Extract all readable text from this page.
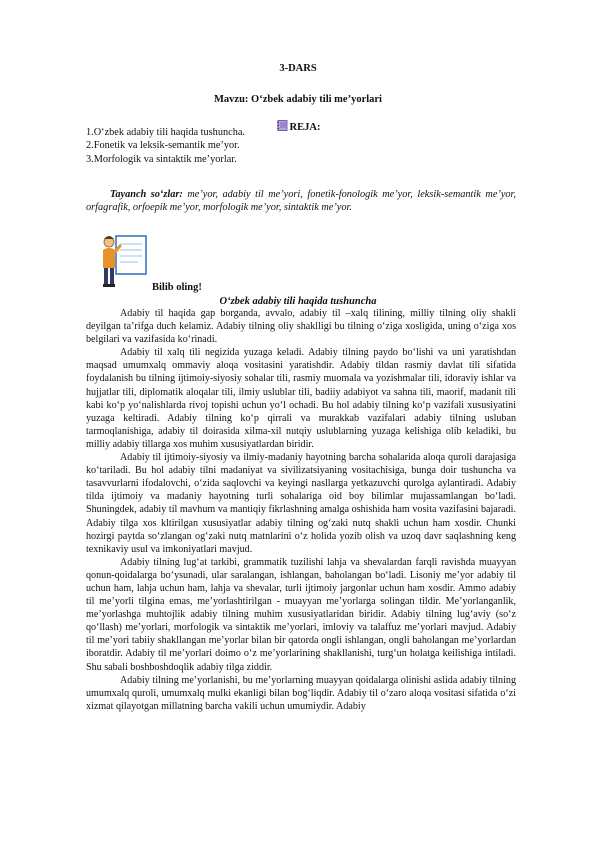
3-DARS
Mavzu: O‘zbek adabiy tili me’yorlari
REJA:
1.O‘zbek adabiy tili haqida tushuncha.
2.Fonetik va leksik-semantik me’yor.
3.Morfologik va sintaktik me’yorlar.
Tayanch so‘zlar: me’yor, adabiy til me’yori, fonetik-fonologik me’yor, leksik-semantik me’yor, orfagrafik, orfoepik me’yor, morfologik me’yor, sintaktik me’yor.
Bilib oling!
O‘zbek adabiy tili haqida tushuncha

Adabiy til haqida gap borganda, avvalo, adabiy til –xalq tilining, milliy tilning oliy shakli deyilgan ta’rifga duch kelamiz. Adabiy tilning oliy shaklligi bu tilning o‘ziga xosligida, uning o‘ziga xos belgilari va vazifasida ko‘rinadi.

Adabiy til xalq tili negizida yuzaga keladi. Adabiy tilning paydo bo‘lishi va uni yaratishdan maqsad umumxalq ommaviy aloqa vositasini yaratishdir. Adabiy tildan rasmiy davlat tili sifatida foydalanish bu tilning ijtimoiy-siyosiy sohalar tili, rasmiy muomala va yozishmalar tili, idoraviy ishlar va hujjatlar tili, diplomatik aloqalar tili, ilmiy uslublar tili, badiiy adabiyot va sahna tili, maorif, madanit tili kabi ko‘p yo‘nalishlarda rivoj topishi uchun yo‘l ochadi. Bu hol adabiy tilning ko‘p vazifali xususiyatini yuzaga keltiradi. Adabiy tilning ko‘p qirrali va murakkab vazifalari adabiy tilning usluban tarmoqlanishiga, adabiy til doirasida xilma-xil nutqiy uslublarning yuzaga kelishiga olib keladiki, bu milliy adabiy tillarga xos muhim xususiyatlardan biridir.

Adabiy til ijtimoiy-siyosiy va ilmiy-madaniy hayotning barcha sohalarida aloqa quroli darajasiga ko‘tariladi. Bu hol adabiy tilni madaniyat va sivilizatsiyaning vositachisiga, bunga doir tushuncha va tasavvurlarni ifodalovchi, o‘zida saqlovchi va keyingi nasllarga yetkazuvchi qurolga aylantiradi. Adabiy tilda ijtimoiy va madaniy hayotning turli sohalariga oid boy bilimlar mujassamlangan bo‘ladi. Shuningdek, adabiy til mavhum va mantiqiy fikrlashning amalga oshishida ham vosita vazifasini bajaradi. Adabiy tilga xos kltirilgan xususiyatlar adabiy tilning og‘zaki nutq shakli uchun ham xosdir. Chunki hozirgi paytda so‘zlangan og‘zaki nutq matnlarini o‘z holida yozib olish va uzoq davr saqlashning keng texnikaviy usul va imkoniyatlari mavjud.

Adabiy tilning lug‘at tarkibi, grammatik tuzilishi lahja va shevalardan farqli ravishda muayyan qonun-qoidalarga bo‘ysunadi, ular saralangan, ishlangan, baholangan bo‘ladi. Lisoniy me’yor adabiy til uchun ham, lahja uchun ham, lahja va shevalar, turli ijtimoiy jargonlar uchun ham xosdir. Ammo adabiy til me’yorli tilgina emas, me’yorlashtirilgan - muayyan me’yorlarga solingan tildir. Me’yorlanganlik, me’yorlashga muhtojlik adabiy tilning muhim xususiyatlaridan biridir. Adabiy tilning lug‘aviy (so‘z qo‘llash) me’yorlari, morfologik va sintaktik me’yorlari, imloviy va talaffuz me’yorlari mavjud. Adabiy til me’yori tabiiy shakllangan me’yorlar bilan bir qatorda ongli ishlangan, ongli baholangan me’yorlardan iboratdir. Adabiy til me’yorlari doimo o‘z me’yorlarining shakllanishi, turg‘un holatga keilishiga intiladi. Shu sabali boshboshdoqlik adabiy tilga ziddir.

Adabiy tilning me’yorlanishi, bu me’yorlarning muayyan qoidalarga olinishi aslida adabiy tilning umumxalq quroli, umumxalq mulki ekanligi bilan bog‘liqdir. Adabiy til o‘zaro aloqa vositasi sifatida o‘zi xizmat qilayotgan millatning barcha vakili uchun umumiydir. Adabiy
